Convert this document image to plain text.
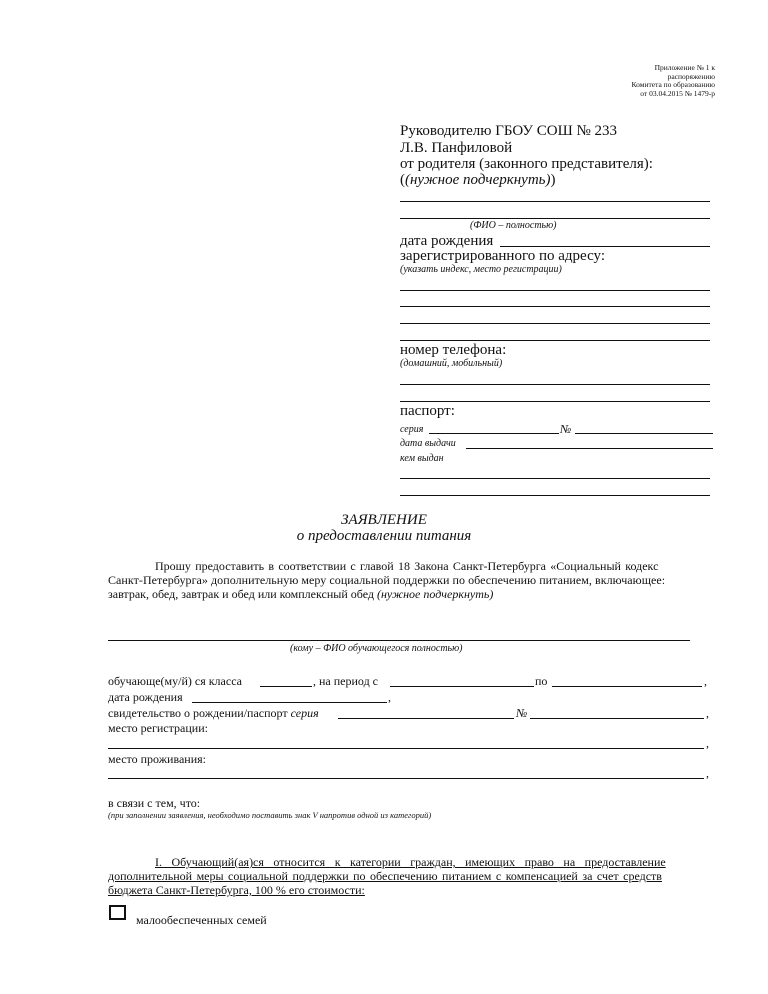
Приложение № 1 к
распоряжению
Комитета по образованию
от 03.04.2015 № 1479-р
Руководителю ГБОУ СОШ № 233
Л.В. Панфиловой
от родителя (законного представителя):
((нужное подчеркнуть))
(ФИО – полностью)
дата рождения
зарегистрированного по адресу:
(указать индекс, место регистрации)
номер телефона:
(домашний, мобильный)
паспорт:
серия	№
дата выдачи
кем выдан
ЗАЯВЛЕНИЕ
о предоставлении питания
Прошу предоставить в соответствии с главой 18 Закона Санкт-Петербурга «Социальный кодекс
Санкт-Петербурга» дополнительную меру социальной поддержки по обеспечению питанием, включающее:
завтрак, обед, завтрак и обед или комплексный обед (нужное подчеркнуть)
(кому – ФИО обучающегося полностью)
обучающе(му/й) ся класса	, на период с	по	,
дата рождения	,
свидетельство о рождении/паспорт серия	№	,
место регистрации:
,
место проживания:
,
в связи с тем, что:
(при заполнении заявления, необходимо поставить знак V напротив одной из категорий)
I. Обучающий(ая)ся относится к категории граждан, имеющих право на предоставление
дополнительной меры социальной поддержки по обеспечению питанием с компенсацией за счет средств
бюджета Санкт-Петербурга, 100 % его стоимости:
малообеспеченных семей
